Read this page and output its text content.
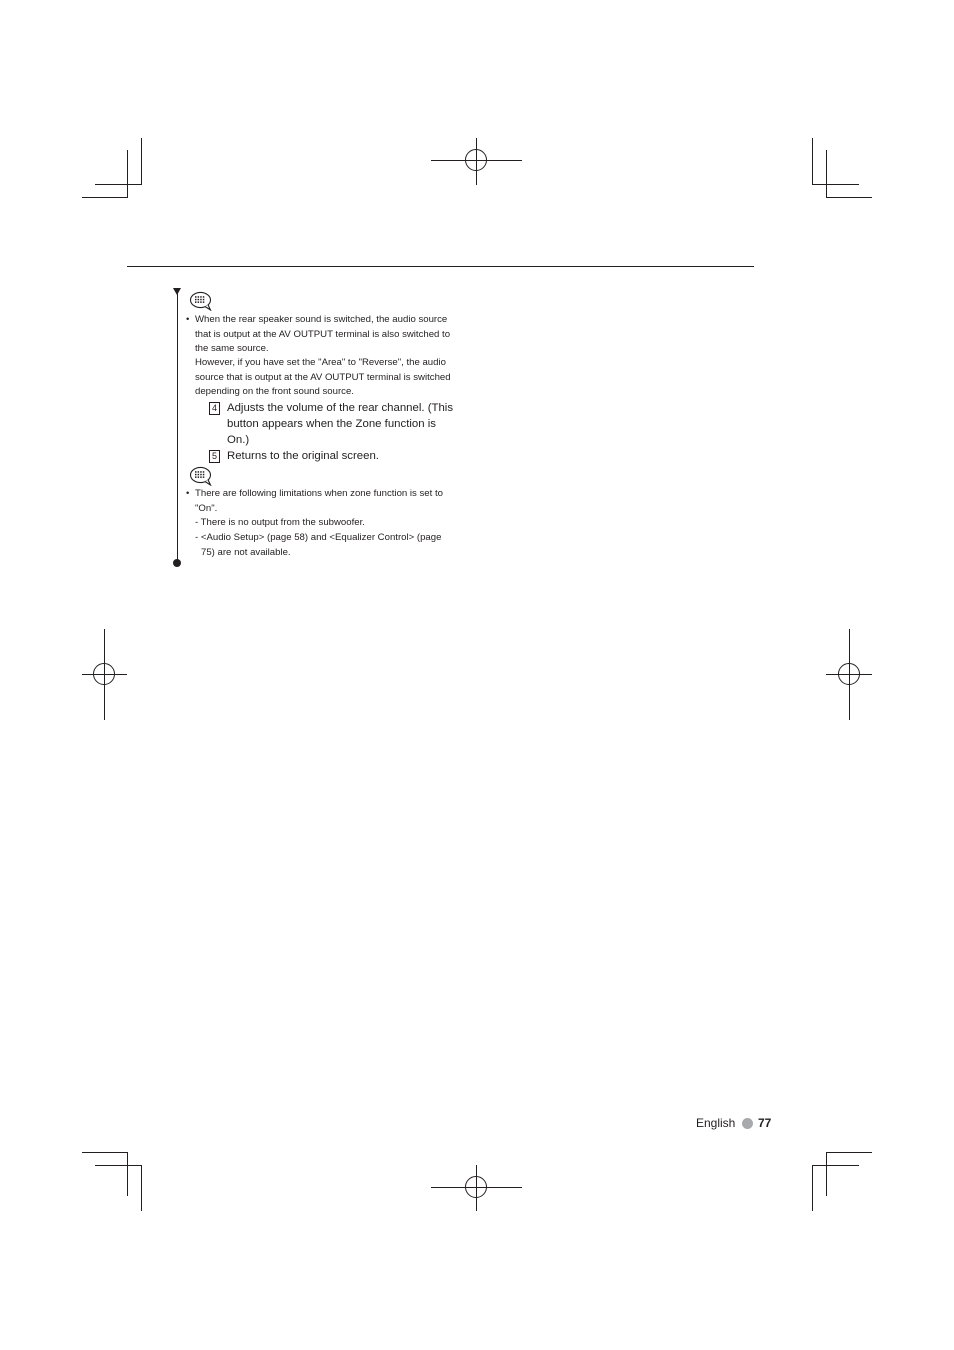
• When the rear speaker sound is switched, the audio source that is output at the AV OUTPUT terminal is also switched to the same source.
However, if you have set the "Area" to "Reverse", the audio source that is output at the AV OUTPUT terminal is switched depending on the front sound source.
4 Adjusts the volume of the rear channel. (This button appears when the Zone function is On.)
5 Returns to the original screen.
• There are following limitations when zone function is set to "On".
- There is no output from the subwoofer.
- <Audio Setup> (page 58) and <Equalizer Control> (page 75) are not available.
English 77
